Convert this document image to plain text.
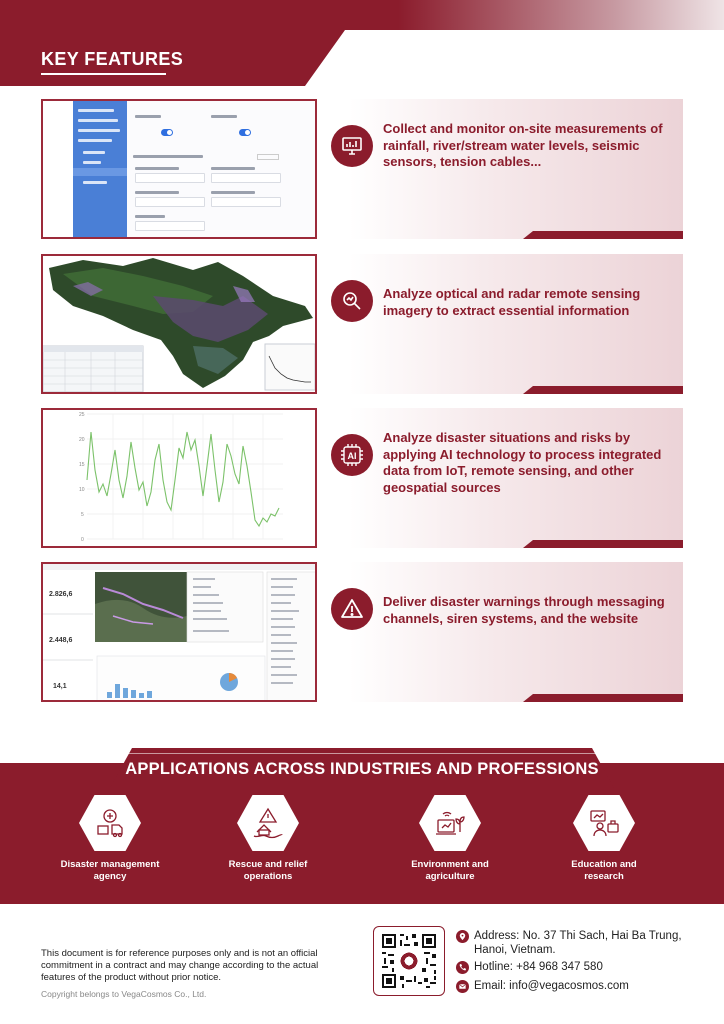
KEY FEATURES
Collect and monitor on-site measurements of rainfall, river/stream water levels, seismic sensors, tension cables...
Analyze optical and radar remote sensing imagery to extract essential information
25
20
15
10
5
0
AI
Analyze disaster situations and risks by applying AI technology to process integrated data from IoT, remote sensing, and other geospatial sources
2.826,6
2.448,6
14,1
Deliver disaster warnings through messaging channels, siren systems, and the website
APPLICATIONS ACROSS INDUSTRIES AND PROFESSIONS
Disaster management
agency
Rescue and relief
operations
Environment and
agriculture
Education and
research
This document is for reference purposes only and is not an official commitment in a contract and may change according to the actual features of the product without prior notice.
Copyright belongs to VegaCosmos Co., Ltd.
Address: No. 37 Thi Sach, Hai Ba Trung,
Hanoi, Vietnam.
Hotline: +84 968 347 580
Email: info@vegacosmos.com
